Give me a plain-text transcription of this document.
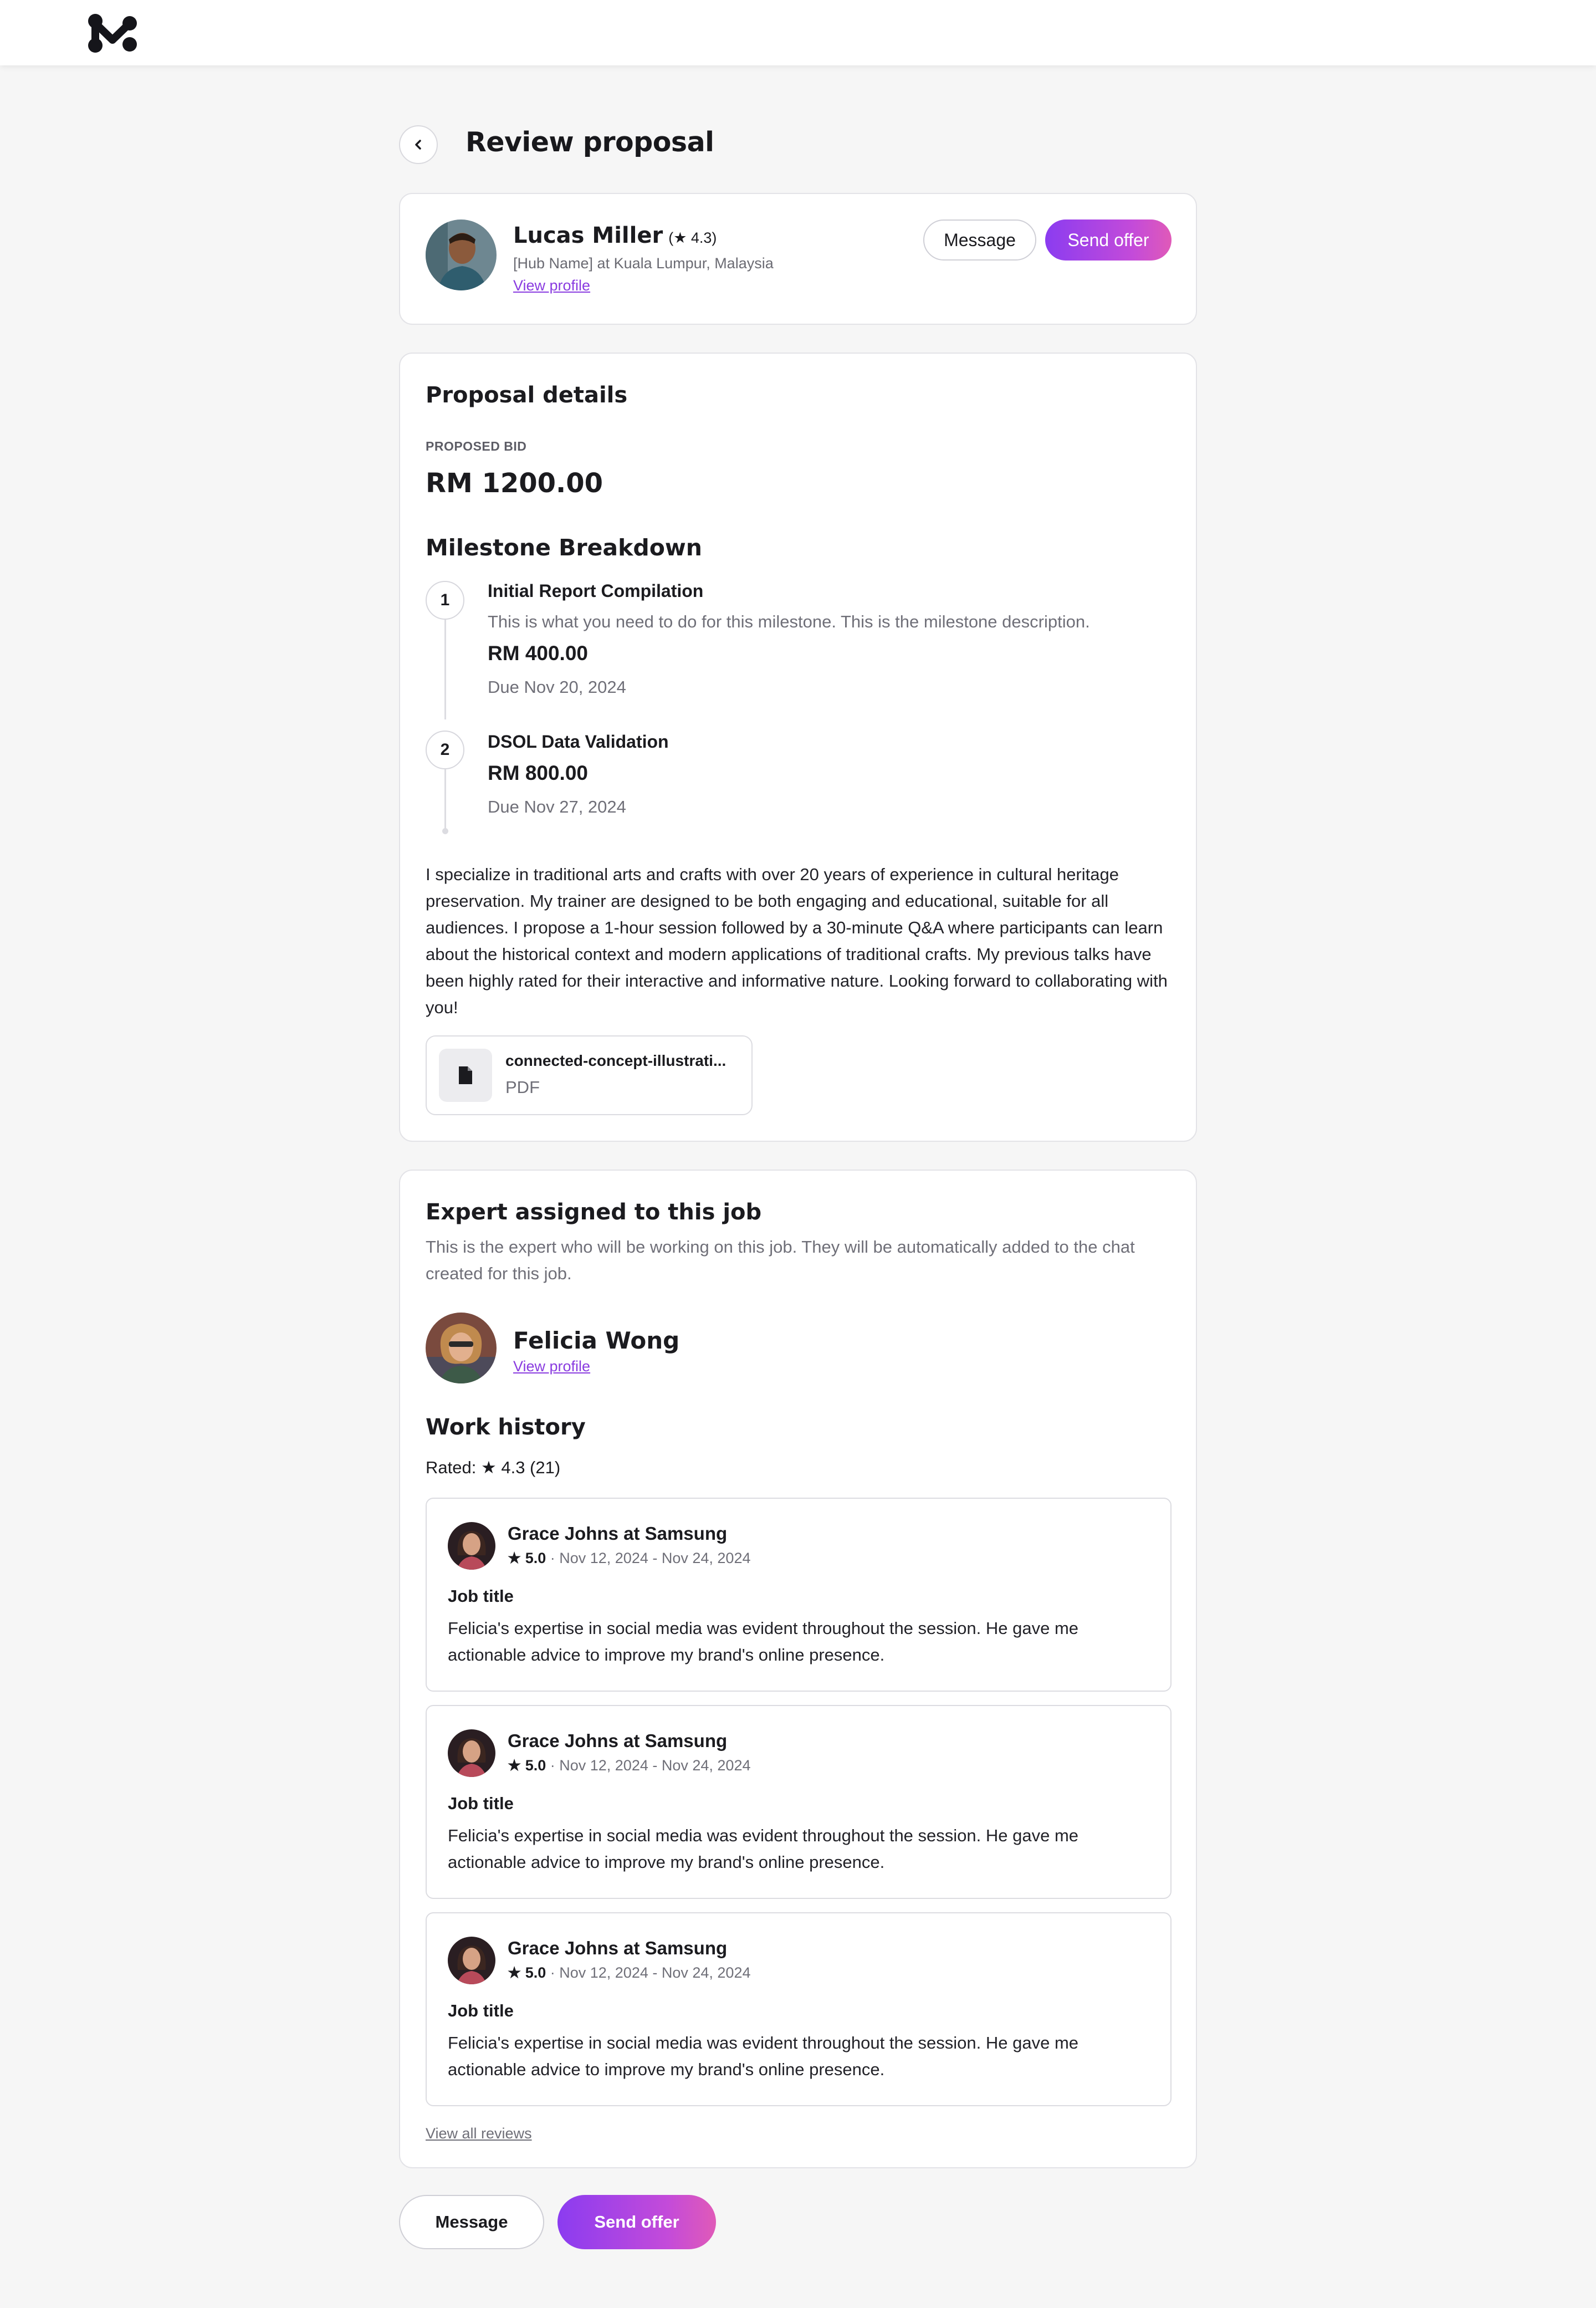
Review proposal
Lucas Miller (★ 4.3)
[Hub Name] at Kuala Lumpur, Malaysia
View profile
Message	Send offer
Proposal details
PROPOSED BID
RM 1200.00
Milestone Breakdown
1	Initial Report Compilation
This is what you need to do for this milestone. This is the milestone description.
RM 400.00
Due Nov 20, 2024
2	DSOL Data Validation
RM 800.00
Due Nov 27, 2024
I specialize in traditional arts and crafts with over 20 years of experience in cultural heritage preservation. My trainer are designed to be both engaging and educational, suitable for all audiences. I propose a 1-hour session followed by a 30-minute Q&A where participants can learn about the historical context and modern applications of traditional crafts. My previous talks have been highly rated for their interactive and informative nature. Looking forward to collaborating with you!
connected-concept-illustrati...
PDF
Expert assigned to this job
This is the expert who will be working on this job. They will be automatically added to the chat created for this job.
Felicia Wong
View profile
Work history
Rated: ★ 4.3 (21)
Grace Johns at Samsung
★ 5.0 · Nov 12, 2024 - Nov 24, 2024
Job title
Felicia's expertise in social media was evident throughout the session. He gave me actionable advice to improve my brand's online presence.
Grace Johns at Samsung
★ 5.0 · Nov 12, 2024 - Nov 24, 2024
Job title
Felicia's expertise in social media was evident throughout the session. He gave me actionable advice to improve my brand's online presence.
Grace Johns at Samsung
★ 5.0 · Nov 12, 2024 - Nov 24, 2024
Job title
Felicia's expertise in social media was evident throughout the session. He gave me actionable advice to improve my brand's online presence.
View all reviews
Message	Send offer
